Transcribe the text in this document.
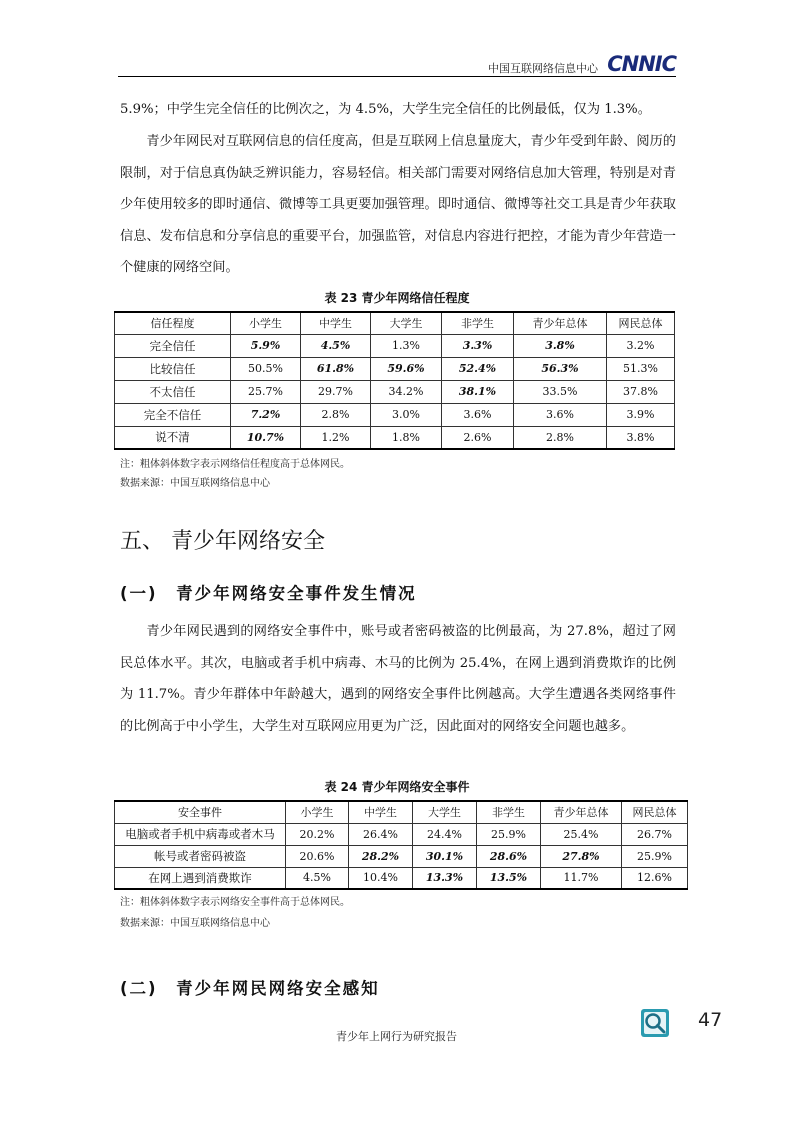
中国互联网络信息中心 CNNIC

5.9%；中学生完全信任的比例次之，为 4.5%，大学生完全信任的比例最低，仅为 1.3%。

青少年网民对互联网信息的信任度高，但是互联网上信息量庞大，青少年受到年龄、阅历的限制，对于信息真伪缺乏辨识能力，容易轻信。相关部门需要对网络信息加大管理，特别是对青少年使用较多的即时通信、微博等工具更要加强管理。即时通信、微博等社交工具是青少年获取信息、发布信息和分享信息的重要平台，加强监管，对信息内容进行把控，才能为青少年营造一个健康的网络空间。

表 23 青少年网络信任程度
信任程度	小学生	中学生	大学生	非学生	青少年总体	网民总体
完全信任	5.9%	4.5%	1.3%	3.3%	3.8%	3.2%
比较信任	50.5%	61.8%	59.6%	52.4%	56.3%	51.3%
不太信任	25.7%	29.7%	34.2%	38.1%	33.5%	37.8%
完全不信任	7.2%	2.8%	3.0%	3.6%	3.6%	3.9%
说不清	10.7%	1.2%	1.8%	2.6%	2.8%	3.8%
注：粗体斜体数字表示网络信任程度高于总体网民。
数据来源：中国互联网络信息中心
五、 青少年网络安全
(一)　青少年网络安全事件发生情况

青少年网民遇到的网络安全事件中，账号或者密码被盗的比例最高，为 27.8%，超过了网民总体水平。其次，电脑或者手机中病毒、木马的比例为 25.4%，在网上遇到消费欺诈的比例为 11.7%。青少年群体中年龄越大，遇到的网络安全事件比例越高。大学生遭遇各类网络事件的比例高于中小学生，大学生对互联网应用更为广泛，因此面对的网络安全问题也越多。

表 24 青少年网络安全事件
安全事件	小学生	中学生	大学生	非学生	青少年总体	网民总体
电脑或者手机中病毒或者木马	20.2%	26.4%	24.4%	25.9%	25.4%	26.7%
帐号或者密码被盗	20.6%	28.2%	30.1%	28.6%	27.8%	25.9%
在网上遇到消费欺诈	4.5%	10.4%	13.3%	13.5%	11.7%	12.6%
注：粗体斜体数字表示网络安全事件高于总体网民。
数据来源：中国互联网络信息中心
(二)　青少年网民网络安全感知
青少年上网行为研究报告
47
